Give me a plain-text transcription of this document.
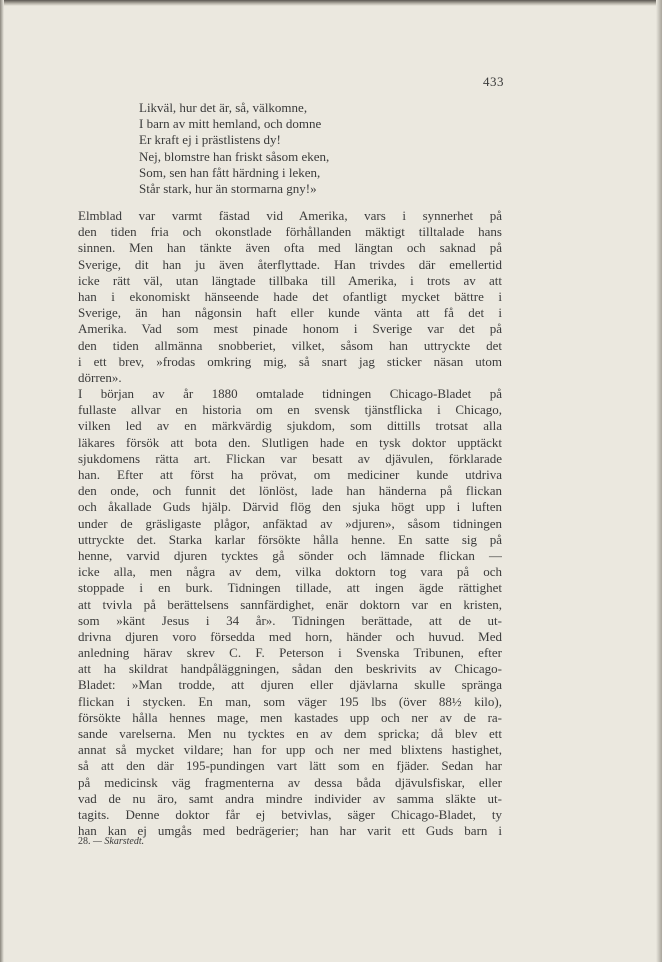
433
Likväl, hur det är, så, välkomne,
I barn av mitt hemland, och domne
Er kraft ej i prästlistens dy!
Nej, blomstre han friskt såsom eken,
Som, sen han fått härdning i leken,
Står stark, hur än stormarna gny!»
Elmblad var varmt fästad vid Amerika, vars i synnerhet på
den tiden fria och okonstlade förhållanden mäktigt tilltalade hans
sinnen. Men han tänkte även ofta med längtan och saknad på
Sverige, dit han ju även återflyttade. Han trivdes där emellertid
icke rätt väl, utan längtade tillbaka till Amerika, i trots av att
han i ekonomiskt hänseende hade det ofantligt mycket bättre i
Sverige, än han någonsin haft eller kunde vänta att få det i
Amerika. Vad som mest pinade honom i Sverige var det på
den tiden allmänna snobberiet, vilket, såsom han uttryckte det
i ett brev, »frodas omkring mig, så snart jag sticker näsan utom
dörren».
I början av år 1880 omtalade tidningen Chicago-Bladet på
fullaste allvar en historia om en svensk tjänstflicka i Chicago,
vilken led av en märkvärdig sjukdom, som dittills trotsat alla
läkares försök att bota den. Slutligen hade en tysk doktor upptäckt
sjukdomens rätta art. Flickan var besatt av djävulen, förklarade
han. Efter att först ha prövat, om mediciner kunde utdriva
den onde, och funnit det lönlöst, lade han händerna på flickan
och åkallade Guds hjälp. Därvid flög den sjuka högt upp i luften
under de gräsligaste plågor, anfäktad av »djuren», såsom tidningen
uttryckte det. Starka karlar försökte hålla henne. En satte sig på
henne, varvid djuren tycktes gå sönder och lämnade flickan —
icke alla, men några av dem, vilka doktorn tog vara på och
stoppade i en burk. Tidningen tillade, att ingen ägde rättighet
att tvivla på berättelsens sannfärdighet, enär doktorn var en kristen,
som »känt Jesus i 34 år». Tidningen berättade, att de ut-
drivna djuren voro försedda med horn, händer och huvud. Med
anledning härav skrev C. F. Peterson i Svenska Tribunen, efter
att ha skildrat handpåläggningen, sådan den beskrivits av Chicago-
Bladet: »Man trodde, att djuren eller djävlarna skulle spränga
flickan i stycken. En man, som väger 195 lbs (över 88½ kilo),
försökte hålla hennes mage, men kastades upp och ner av de ra-
sande varelserna. Men nu tycktes en av dem spricka; då blev ett
annat så mycket vildare; han for upp och ner med blixtens hastighet,
så att den där 195-pundingen vart lätt som en fjäder. Sedan har
på medicinsk väg fragmenterna av dessa båda djävulsfiskar, eller
vad de nu äro, samt andra mindre individer av samma släkte ut-
tagits. Denne doktor får ej betvivlas, säger Chicago-Bladet, ty
han kan ej umgås med bedrägerier; han har varit ett Guds barn i
28. — Skarstedt.
